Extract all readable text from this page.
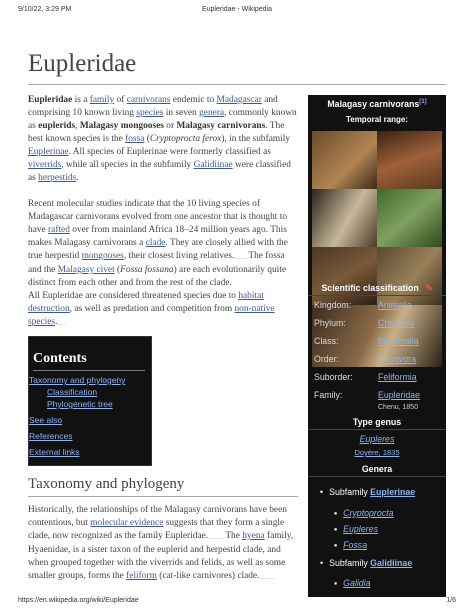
9/10/22, 3:29 PM	Eupleridae - Wikipedia
Eupleridae

Eupleridae is a family of carnivorans endemic to Madagascar and comprising 10 known living species in seven genera, commonly known as euplerids, Malagasy mongooses or Malagasy carnivorans. The best known species is the fossa (Cryptoprocta ferox), in the subfamily Euplerinae. All species of Euplerinae were formerly classified as viverrids, while all species in the subfamily Galidiinae were classified as herpestids.

Recent molecular studies indicate that the 10 living species of Madagascar carnivorans evolved from one ancestor that is thought to have rafted over from mainland Africa 18–24 million years ago. This makes Malagasy carnivorans a clade. They are closely allied with the true herpestid mongooses, their closest living relatives.____ The fossa and the Malagasy civet (Fossa fossana) are each evolutionarily quite distinct from each other and from the rest of the clade.

All Eupleridae are considered threatened species due to habitat destruction, as well as predation and competition from non-native species.___

Contents
Taxonomy and phylogeny
Classification
Phylogenetic tree
See also
References
External links
Taxonomy and phylogeny

Historically, the relationships of the Malagasy carnivorans have been contentious, but molecular evidence suggests that they form a single clade, now recognized as the family Eupleridae._____ The hyena family, Hyaenidae, is a sister taxon of the euplerid and herpestid clade, and when grouped together with the viverrids and felids, as well as some smaller groups, forms the feliform (cat-like carnivores) clade._____

Malagasy carnivorans[1]
Temporal range:
Scientific classification ✎
Kingdom:	Animalia
Phylum:	Chordata
Class:	Mammalia
Order:	Carnivora
Suborder:	Feliformia
Family:	Eupleridae
Chenu, 1850
Type genus
Eupleres
Doyère, 1835
Genera
• Subfamily Euplerinae
▪ Cryptoprocta
▪ Eupleres
▪ Fossa
• Subfamily Galidiinae
▪ Galidia
https://en.wikipedia.org/wiki/Eupleridae	1/6
